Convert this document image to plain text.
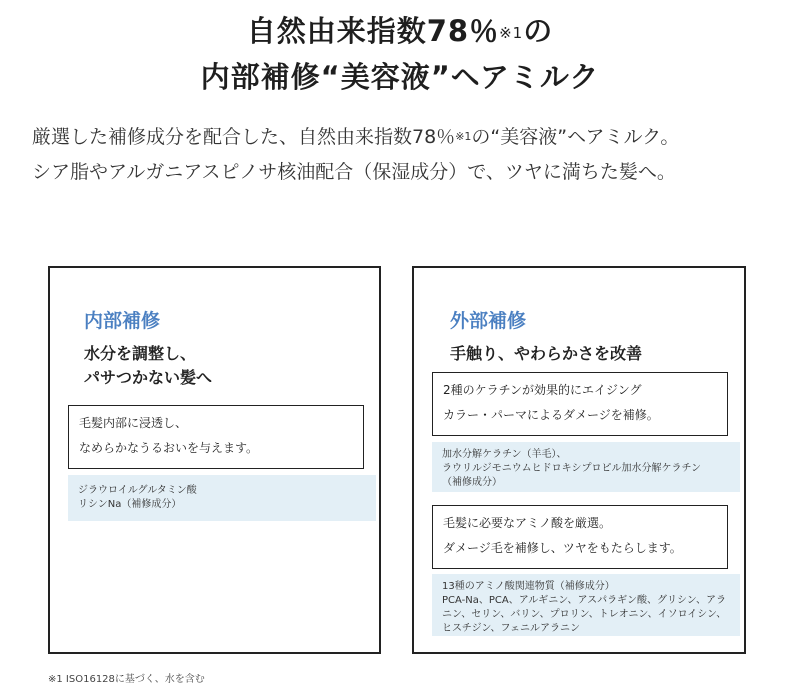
自然由来指数78％$^{※1}$の
内部補修“美容液”ヘアミルク
厳選した補修成分を配合した、自然由来指数78％$^{※1}$の“美容液”ヘアミルク。
シア脂やアルガニアスピノサ核油配合（保湿成分）で、ツヤに満ちた髪へ。
内部補修
水分を調整し、
パサつかない髪へ
毛髪内部に浸透し、
なめらかなうるおいを与えます。
ジラウロイルグルタミン酸
リシンNa（補修成分）
外部補修
手触り、やわらかさを改善
2種のケラチンが効果的にエイジング
カラー・パーマによるダメージを補修。
加水分解ケラチン（羊毛）、
ラウリルジモニウムヒドロキシプロピル加水分解ケラチン
（補修成分）
毛髪に必要なアミノ酸を厳選。
ダメージ毛を補修し、ツヤをもたらします。
13種のアミノ酸関連物質（補修成分）
PCA-Na、PCA、アルギニン、アスパラギン酸、グリシン、アラ
ニン、セリン、バリン、プロリン、トレオニン、イソロイシン、
ヒスチジン、フェニルアラニン
※1 ISO16128に基づく、水を含む
